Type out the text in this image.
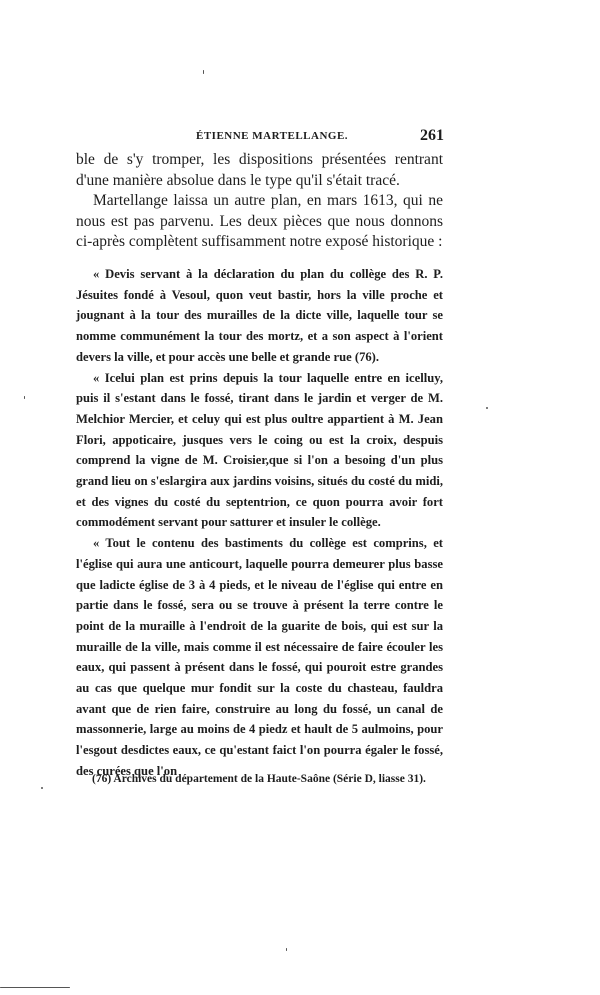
ÉTIENNE MARTELLANGE.	261

ble de s'y tromper, les dispositions présentées rentrant d'une manière absolue dans le type qu'il s'était tracé.

Martellange laissa un autre plan, en mars 1613, qui ne nous est pas parvenu. Les deux pièces que nous donnons ci-après complètent suffisamment notre exposé historique :

« Devis servant à la déclaration du plan du collège des R. P. Jésuites fondé à Vesoul, quon veut bastir, hors la ville proche et jougnant à la tour des murailles de la dicte ville, laquelle tour se nomme communément la tour des mortz, et a son aspect à l'orient devers la ville, et pour accès une belle et grande rue (76).

« Icelui plan est prins depuis la tour laquelle entre en icelluy, puis il s'estant dans le fossé, tirant dans le jardin et verger de M. Melchior Mercier, et celuy qui est plus oultre appartient à M. Jean Flori, appoticaire, jusques vers le coing ou est la croix, despuis comprend la vigne de M. Croisier,que si l'on a besoing d'un plus grand lieu on s'eslargira aux jardins voisins, situés du costé du midi, et des vignes du costé du septentrion, ce quon pourra avoir fort commodément servant pour satturer et insuler le collège.

« Tout le contenu des bastiments du collège est comprins, et l'église qui aura une anticourt, laquelle pourra demeurer plus basse que ladicte église de 3 à 4 pieds, et le niveau de l'église qui entre en partie dans le fossé, sera ou se trouve à présent la terre contre le point de la muraille à l'endroit de la guarite de bois, qui est sur la muraille de la ville, mais comme il est nécessaire de faire écouler les eaux, qui passent à présent dans le fossé, qui pouroit estre grandes au cas que quelque mur fondit sur la coste du chasteau, fauldra avant que de rien faire, construire au long du fossé, un canal de massonnerie, large au moins de 4 piedz et hault de 5 aulmoins, pour l'esgout desdictes eaux, ce qu'estant faict l'on pourra égaler le fossé, des curées que l'on

(76) Archives du département de la Haute-Saône (Série D, liasse 31).
